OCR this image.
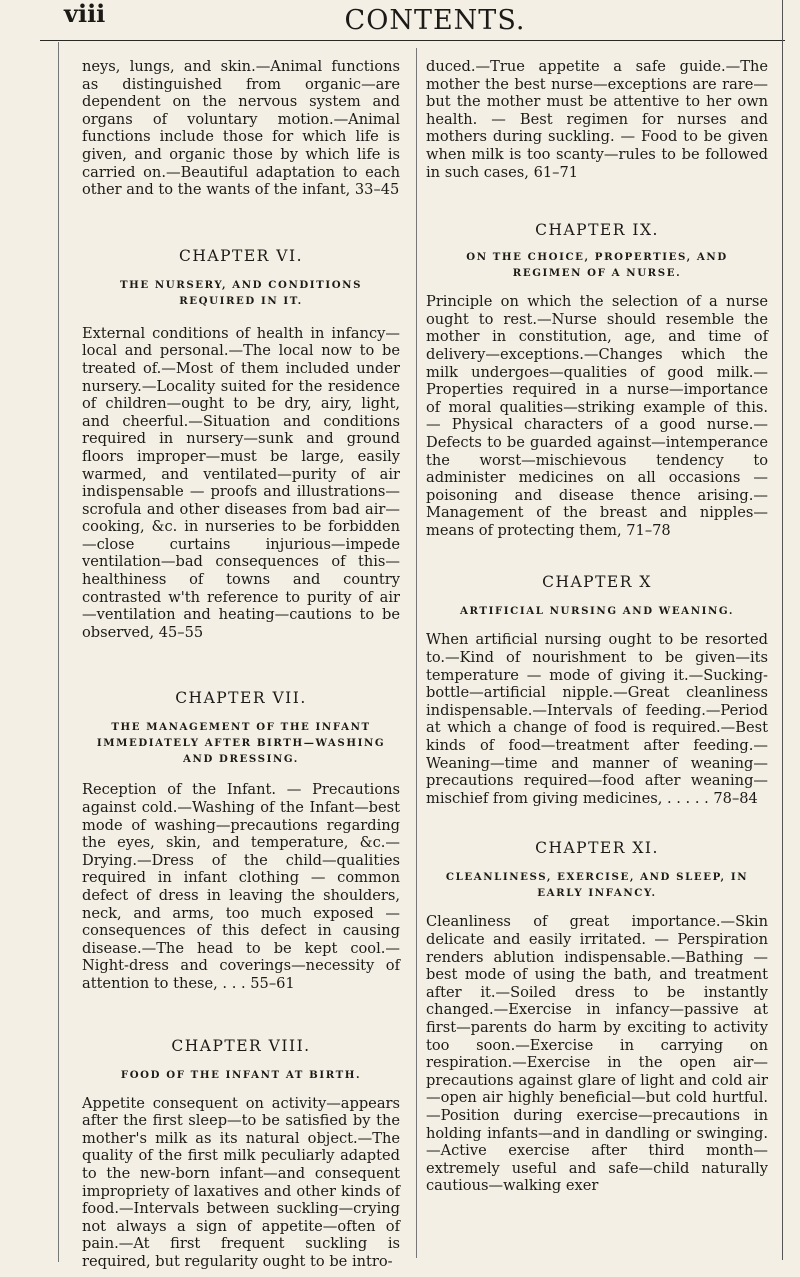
viii	CONTENTS.

neys, lungs, and skin.—Animal functions as distinguished from organic—are dependent on the nervous system and organs of voluntary motion.—Animal functions include those for which life is given, and organic those by which life is carried on.—Beautiful adaptation to each other and to the wants of the infant, 33–45

CHAPTER VI.

THE NURSERY, AND CONDITIONS REQUIRED IN IT.

External conditions of health in infancy—local and personal.—The local now to be treated of.—Most of them included under nursery.—Locality suited for the residence of children—ought to be dry, airy, light, and cheerful.—Situation and conditions required in nursery—sunk and ground floors improper—must be large, easily warmed, and ventilated—purity of air indispensable — proofs and illustrations—scrofula and other diseases from bad air—cooking, &c. in nurseries to be forbidden—close curtains injurious—impede ventilation—bad consequences of this—healthiness of towns and country contrasted w'th reference to purity of air—ventilation and heating—cautions to be observed, 45–55

CHAPTER VII.

THE MANAGEMENT OF THE INFANT IMMEDIATELY AFTER BIRTH—WASHING AND DRESSING.

Reception of the Infant. — Precautions against cold.—Washing of the Infant—best mode of washing—precautions regarding the eyes, skin, and temperature, &c.—Drying.—Dress of the child—qualities required in infant clothing — common defect of dress in leaving the shoulders, neck, and arms, too much exposed —consequences of this defect in causing disease.—The head to be kept cool.—Night-dress and coverings—necessity of attention to these, . . . 55–61

CHAPTER VIII.

FOOD OF THE INFANT AT BIRTH.

Appetite consequent on activity—appears after the first sleep—to be satisfied by the mother's milk as its natural object.—The quality of the first milk peculiarly adapted to the new-born infant—and consequent impropriety of laxatives and other kinds of food.—Intervals between suckling—crying not always a sign of appetite—often of pain.—At first frequent suckling is required, but regularity ought to be intro-

duced.—True appetite a safe guide.—The mother the best nurse—exceptions are rare—but the mother must be attentive to her own health. — Best regimen for nurses and mothers during suckling. — Food to be given when milk is too scanty—rules to be followed in such cases, 61–71

CHAPTER IX.

ON THE CHOICE, PROPERTIES, AND REGIMEN OF A NURSE.

Principle on which the selection of a nurse ought to rest.—Nurse should resemble the mother in constitution, age, and time of delivery—exceptions.—Changes which the milk undergoes—qualities of good milk.—Properties required in a nurse—importance of moral qualities—striking example of this. — Physical characters of a good nurse.—Defects to be guarded against—intemperance the worst—mischievous tendency to administer medicines on all occasions — poisoning and disease thence arising.—Management of the breast and nipples—means of protecting them, 71–78

CHAPTER X

ARTIFICIAL NURSING AND WEANING.

When artificial nursing ought to be resorted to.—Kind of nourishment to be given—its temperature — mode of giving it.—Sucking-bottle—artificial nipple.—Great cleanliness indispensable.—Intervals of feeding.—Period at which a change of food is required.—Best kinds of food—treatment after feeding.—Weaning—time and manner of weaning—precautions required—food after weaning—mischief from giving medicines, . . . . . 78–84

CHAPTER XI.

CLEANLINESS, EXERCISE, AND SLEEP, IN EARLY INFANCY.

Cleanliness of great importance.—Skin delicate and easily irritated. — Perspiration renders ablution indispensable.—Bathing —best mode of using the bath, and treatment after it.—Soiled dress to be instantly changed.—Exercise in infancy—passive at first—parents do harm by exciting to activity too soon.—Exercise in carrying on respiration.—Exercise in the open air—precautions against glare of light and cold air—open air highly beneficial—but cold hurtful.—Position during exercise—precautions in holding infants—and in dandling or swinging.—Active exercise after third month—extremely useful and safe—child naturally cautious—walking exer
